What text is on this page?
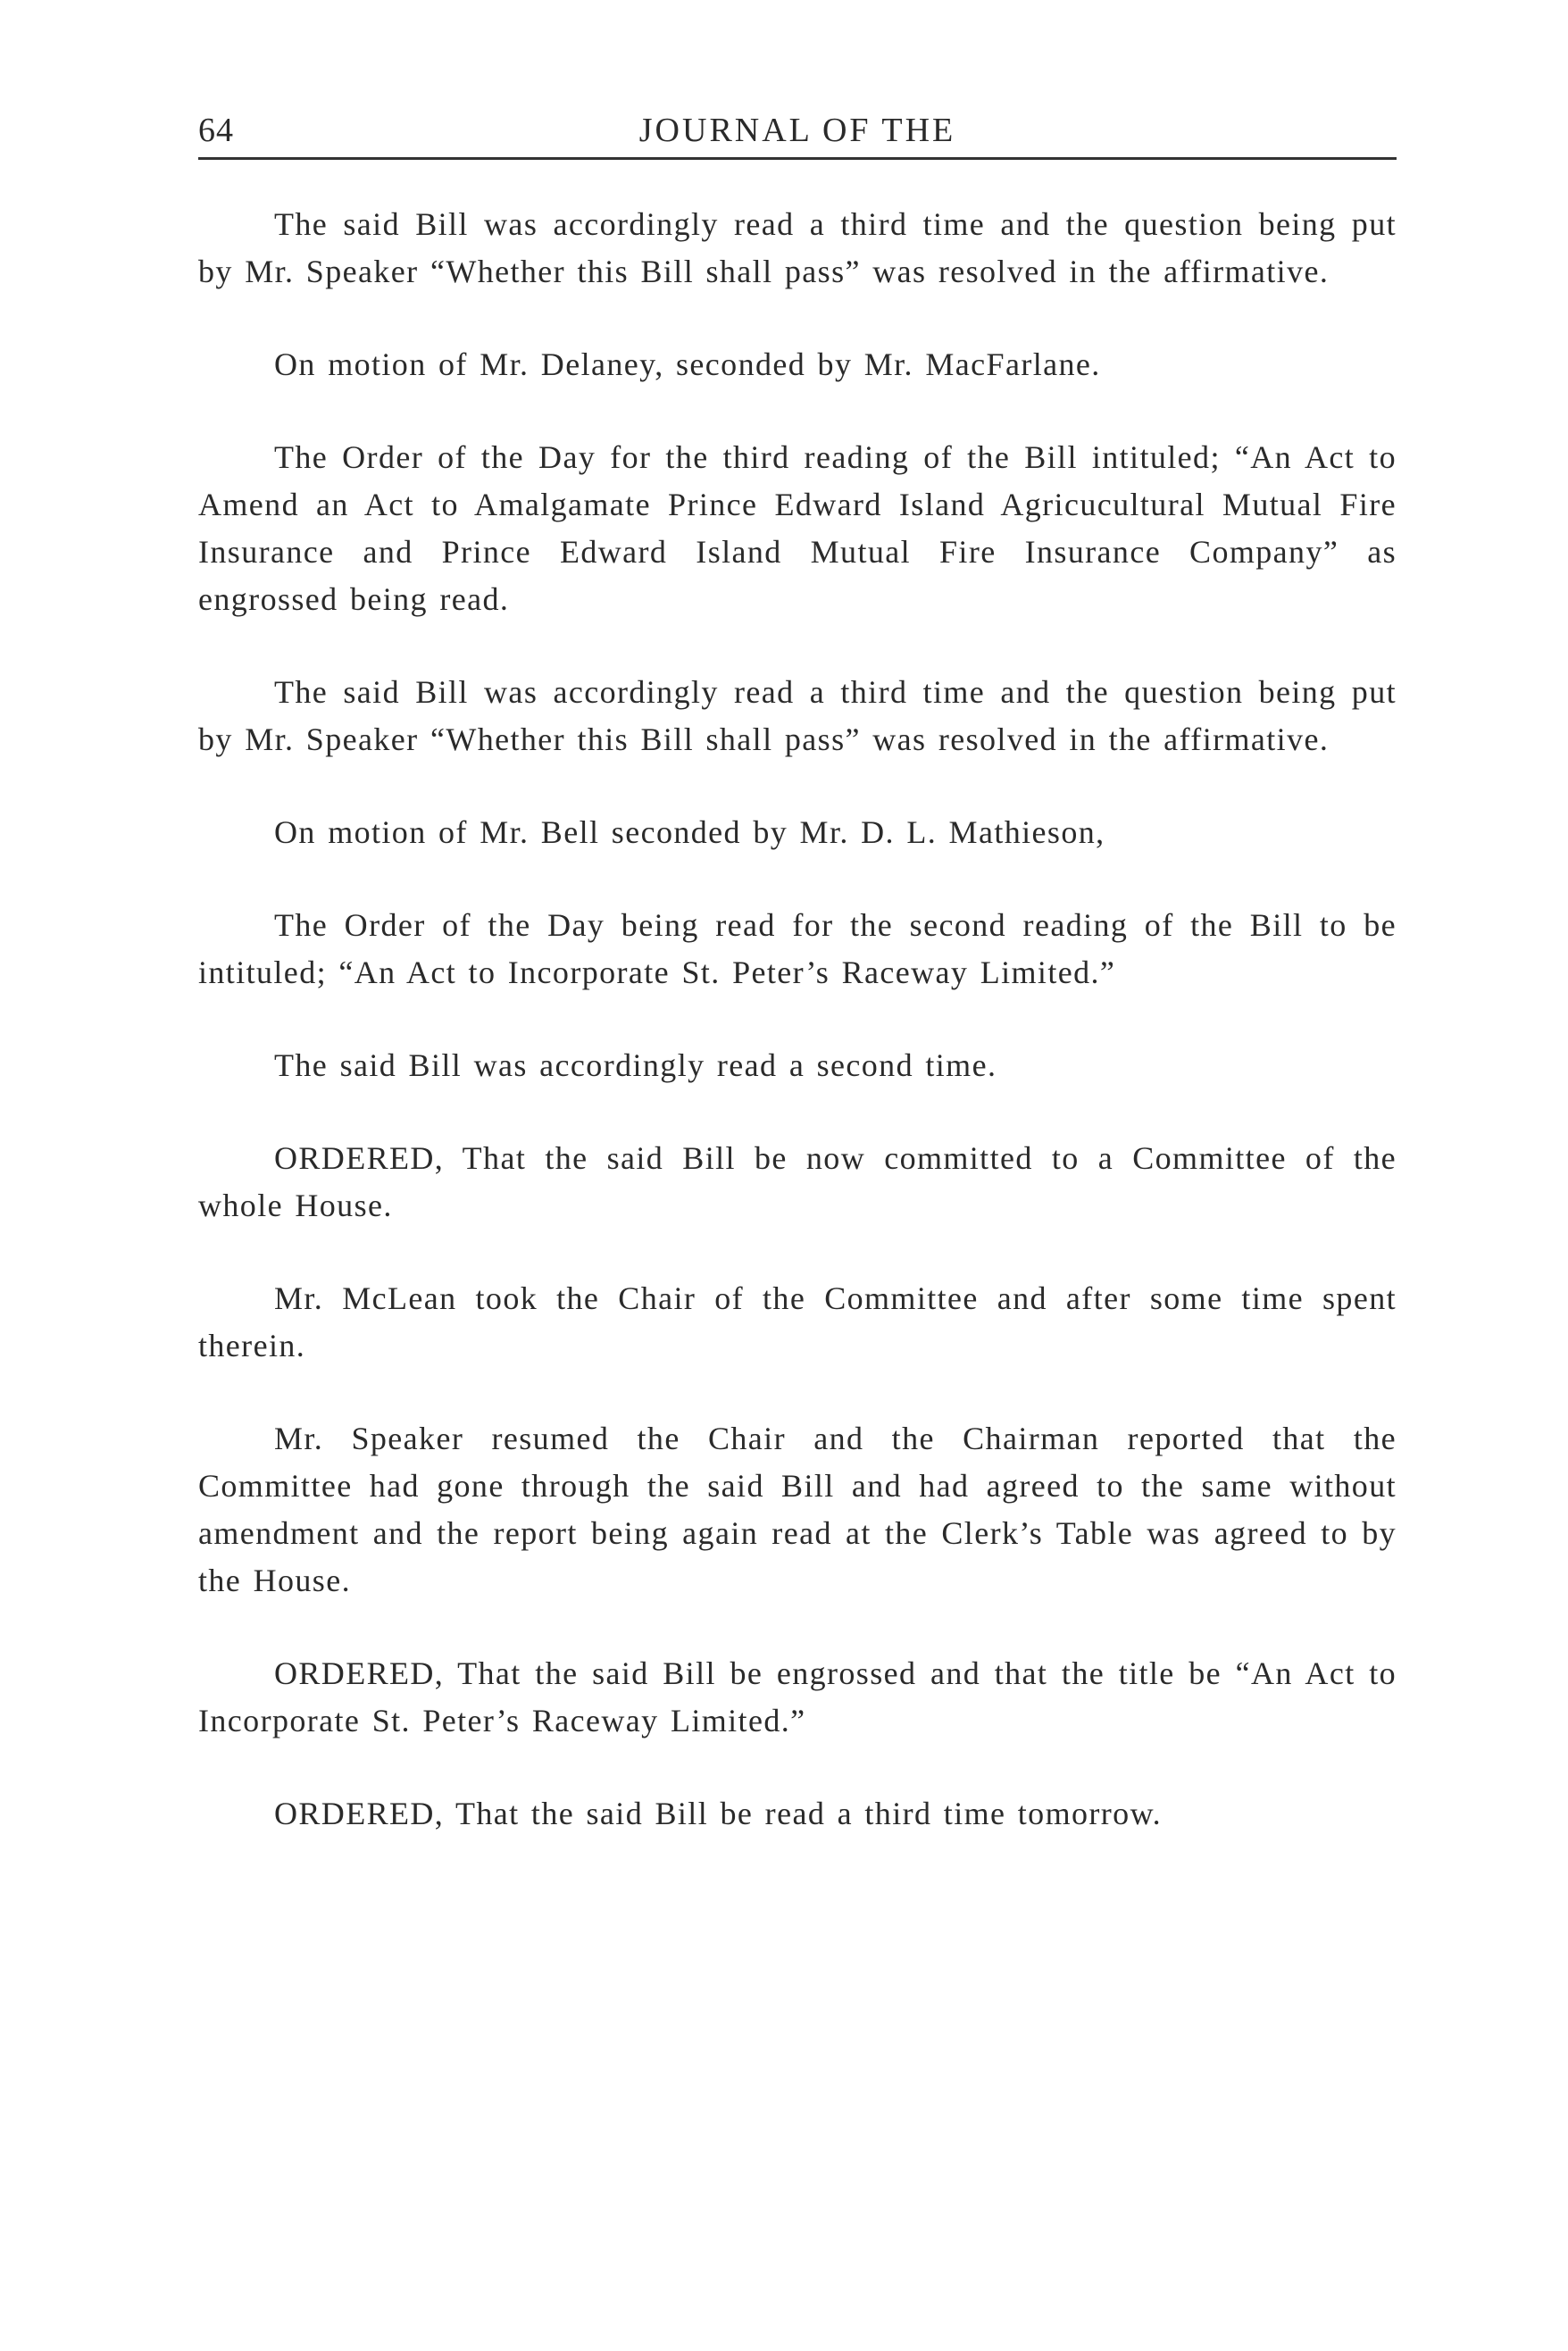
64	JOURNAL OF THE

The said Bill was accordingly read a third time and the question being put by Mr. Speaker “Whether this Bill shall pass” was resolved in the affirmative.

On motion of Mr. Delaney, seconded by Mr. MacFarlane.

The Order of the Day for the third reading of the Bill intituled; “An Act to Amend an Act to Amalgamate Prince Edward Island Agricucultural Mutual Fire Insurance and Prince Edward Island Mutual Fire Insurance Company” as engrossed being read.

The said Bill was accordingly read a third time and the question being put by Mr. Speaker “Whether this Bill shall pass” was resolved in the affirmative.

On motion of Mr. Bell seconded by Mr. D. L. Mathieson,

The Order of the Day being read for the second reading of the Bill to be intituled; “An Act to Incorporate St. Peter’s Raceway Limited.”

The said Bill was accordingly read a second time.

ORDERED, That the said Bill be now committed to a Committee of the whole House.

Mr. McLean took the Chair of the Committee and after some time spent therein.

Mr. Speaker resumed the Chair and the Chairman reported that the Committee had gone through the said Bill and had agreed to the same without amendment and the report being again read at the Clerk’s Table was agreed to by the House.

ORDERED, That the said Bill be engrossed and that the title be “An Act to Incorporate St. Peter’s Raceway Limited.”

ORDERED, That the said Bill be read a third time tomorrow.
